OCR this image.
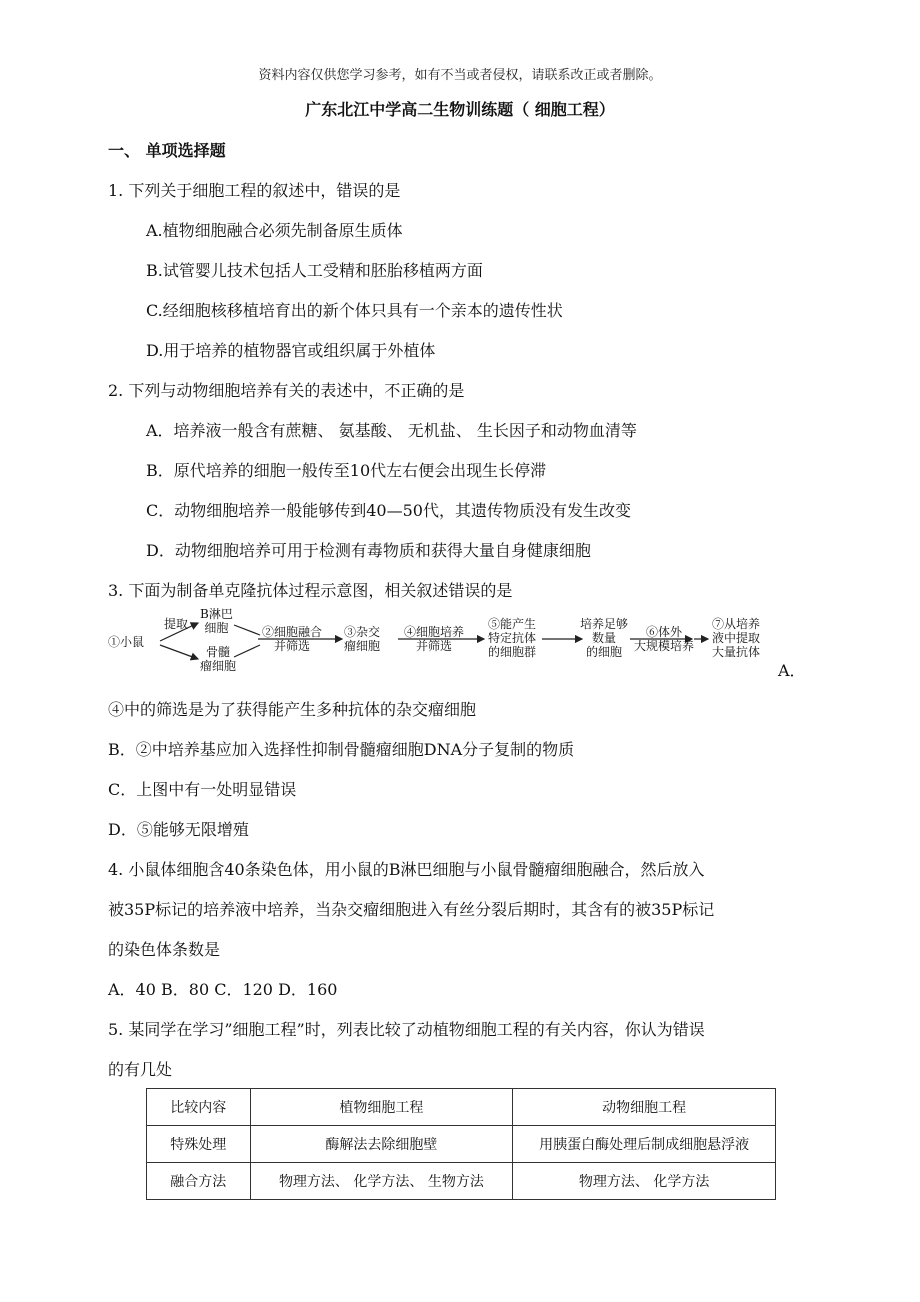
资料内容仅供您学习参考，如有不当或者侵权，请联系改正或者删除。
广东北江中学高二生物训练题（ 细胞工程）
一、 单项选择题
1. 下列关于细胞工程的叙述中，错误的是
A.植物细胞融合必须先制备原生质体
B.试管婴儿技术包括人工受精和胚胎移植两方面
C.经细胞核移植培育出的新个体只具有一个亲本的遗传性状
D.用于培养的植物器官或组织属于外植体
2. 下列与动物细胞培养有关的表述中，不正确的是
A．培养液一般含有蔗糖、 氨基酸、 无机盐、 生长因子和动物血清等
B．原代培养的细胞一般传至10代左右便会出现生长停滞
C．动物细胞培养一般能够传到40—50代，其遗传物质没有发生改变
D．动物细胞培养可用于检测有毒物质和获得大量自身健康细胞
3. 下面为制备单克隆抗体过程示意图，相关叙述错误的是
①小鼠
提取
B淋巴
细胞
骨髓
瘤细胞
②细胞融合
并筛选
③杂交
瘤细胞
④细胞培养
并筛选
⑤能产生
特定抗体
的细胞群
培养足够
数量
的细胞
⑥体外
大规模培养
⑦从培养
液中提取
大量抗体
A．
④中的筛选是为了获得能产生多种抗体的杂交瘤细胞
B．②中培养基应加入选择性抑制骨髓瘤细胞DNA分子复制的物质
C．上图中有一处明显错误
D．⑤能够无限增殖
4. 小鼠体细胞含40条染色体，用小鼠的B淋巴细胞与小鼠骨髓瘤细胞融合，然后放入
被35P标记的培养液中培养，当杂交瘤细胞进入有丝分裂后期时，其含有的被35P标记
的染色体条数是
A．40 B．80 C．120 D．160
5. 某同学在学习”细胞工程”时，列表比较了动植物细胞工程的有关内容，你认为错误
的有几处
比较内容	植物细胞工程	动物细胞工程
特殊处理	酶解法去除细胞壁	用胰蛋白酶处理后制成细胞悬浮液
融合方法	物理方法、 化学方法、 生物方法	物理方法、 化学方法
